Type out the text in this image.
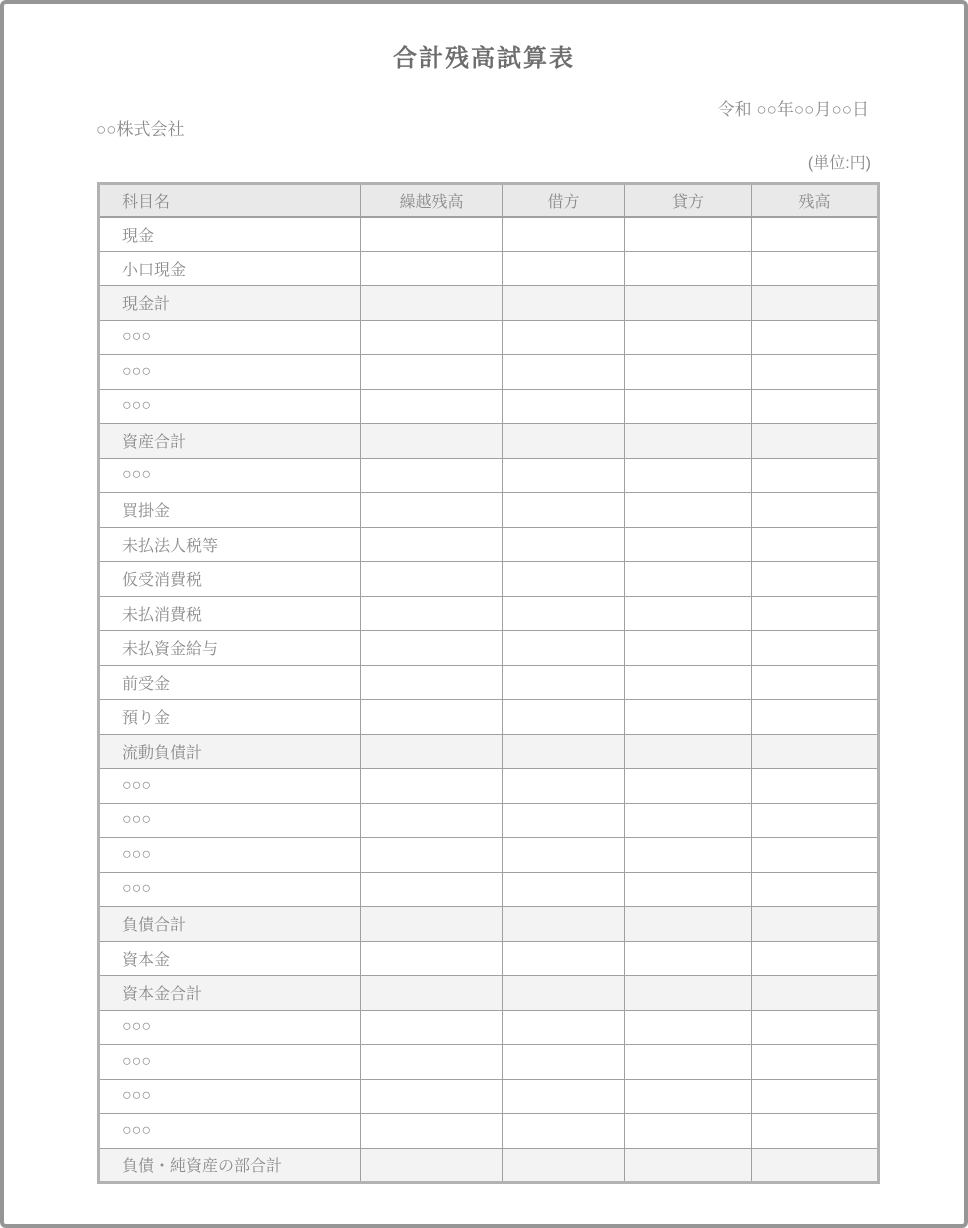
合計残高試算表
令和 ○○年○○月○○日
○○株式会社
(単位:円)
科目名	繰越残高	借方	貸方	残高
現金				
小口現金				
現金計				
○○○				
○○○				
○○○				
資産合計				
○○○				
買掛金				
未払法人税等				
仮受消費税				
未払消費税				
未払資金給与				
前受金				
預り金				
流動負債計				
○○○				
○○○				
○○○				
○○○				
負債合計				
資本金				
資本金合計				
○○○				
○○○				
○○○				
○○○				
負債・純資産の部合計				
